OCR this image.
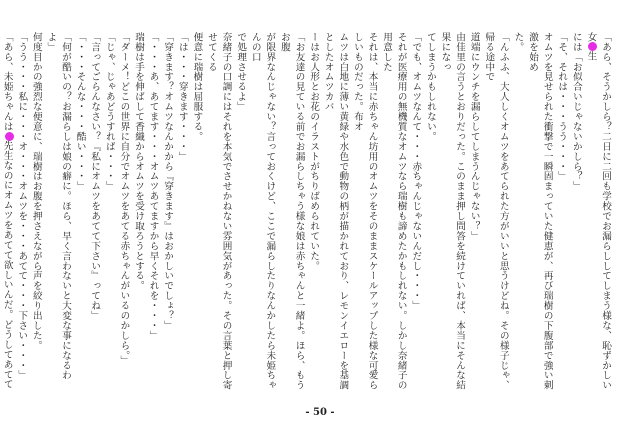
「あら、そうかしら？二日に二回も学校でお漏らししてしまう様な、恥ずかしい女生

には「お似合いじゃないかしら？」

「そ、それは・・・うう・・・」

オムツを見せられた衝撃で一瞬固まっていた健恵が、再び瑞樹の下腹部で強い刺激を始め

た。

「んふふ、大人しくオムツをあてられた方がいいと思うけどね。その様子じゃ、帰る途中で

道端にウンチを漏らしてしまうんじゃない？」

由佳里の言うとおりだった。このまま押し問答を続けていれば、本当にそんな結果になっ

てしまうかもしれない。

「でも、オムツなんて・・・赤ちゃんじゃないんだし・・・」

それが医療用の無機質なオムツなら瑞樹も諦めたかもしれない。しかし奈緒子の用意した

それは、本当に赤ちゃん坊用のオムツをそのままスケールアップした様な可愛らしいものだった。布オ

ムツは白地に薄い黄緑や水色で動物の柄が描かれており、レモンイエローを基調としたオムツカバ

ーはお人形とお花のイラストがちりばめられていた。

「お友達の見ている前でお漏らしちゃう様な娘は赤ちゃんと一緒よ。ほら、もうお腹

が限界なんじゃない？言っておくけど、ここで漏らしたりなんかしたら未姫ちゃんの口

で処理させるよ」

奈緒子の口調にはそれを本気でさせかねない雰囲気があった。その言葉と押し寄せてくる

便意に瑞樹は屈服する。

「は・・・穿きます・・・」

「穿きます？オムツなんかから『穿きます』はおかしいでしょ？」

「・・・あ、あてます・・・オムツあてますから早くそれを・・・」

瑞樹は手を伸ばして香織からオムツを受け取ろうとする。

「ダーメ！どこの世界に自分でオムツをあてる赤ちゃんがいるのかしら。」

「じゃ、じゃあどうすれば・・・」

「言ってごらんなさい？『私にオムツをあてて下さい』ってね」

「・・・そんな・・・酷い・・・」

「何が酷いの？お漏らしは娘の癖に。ほら、早く言わないと大変な事になるわよ」

何度目かの強烈な便意に、瑞樹はお腹を押さえながら声を絞り出した。

「うう・・・私に・・・オ・・・オムツを・・・あてて・・・下さい・・・」

「あら、未姫ちゃんは先生なのにオムツをあてて欲しいんだ。どうしてあてて

- 50 -
